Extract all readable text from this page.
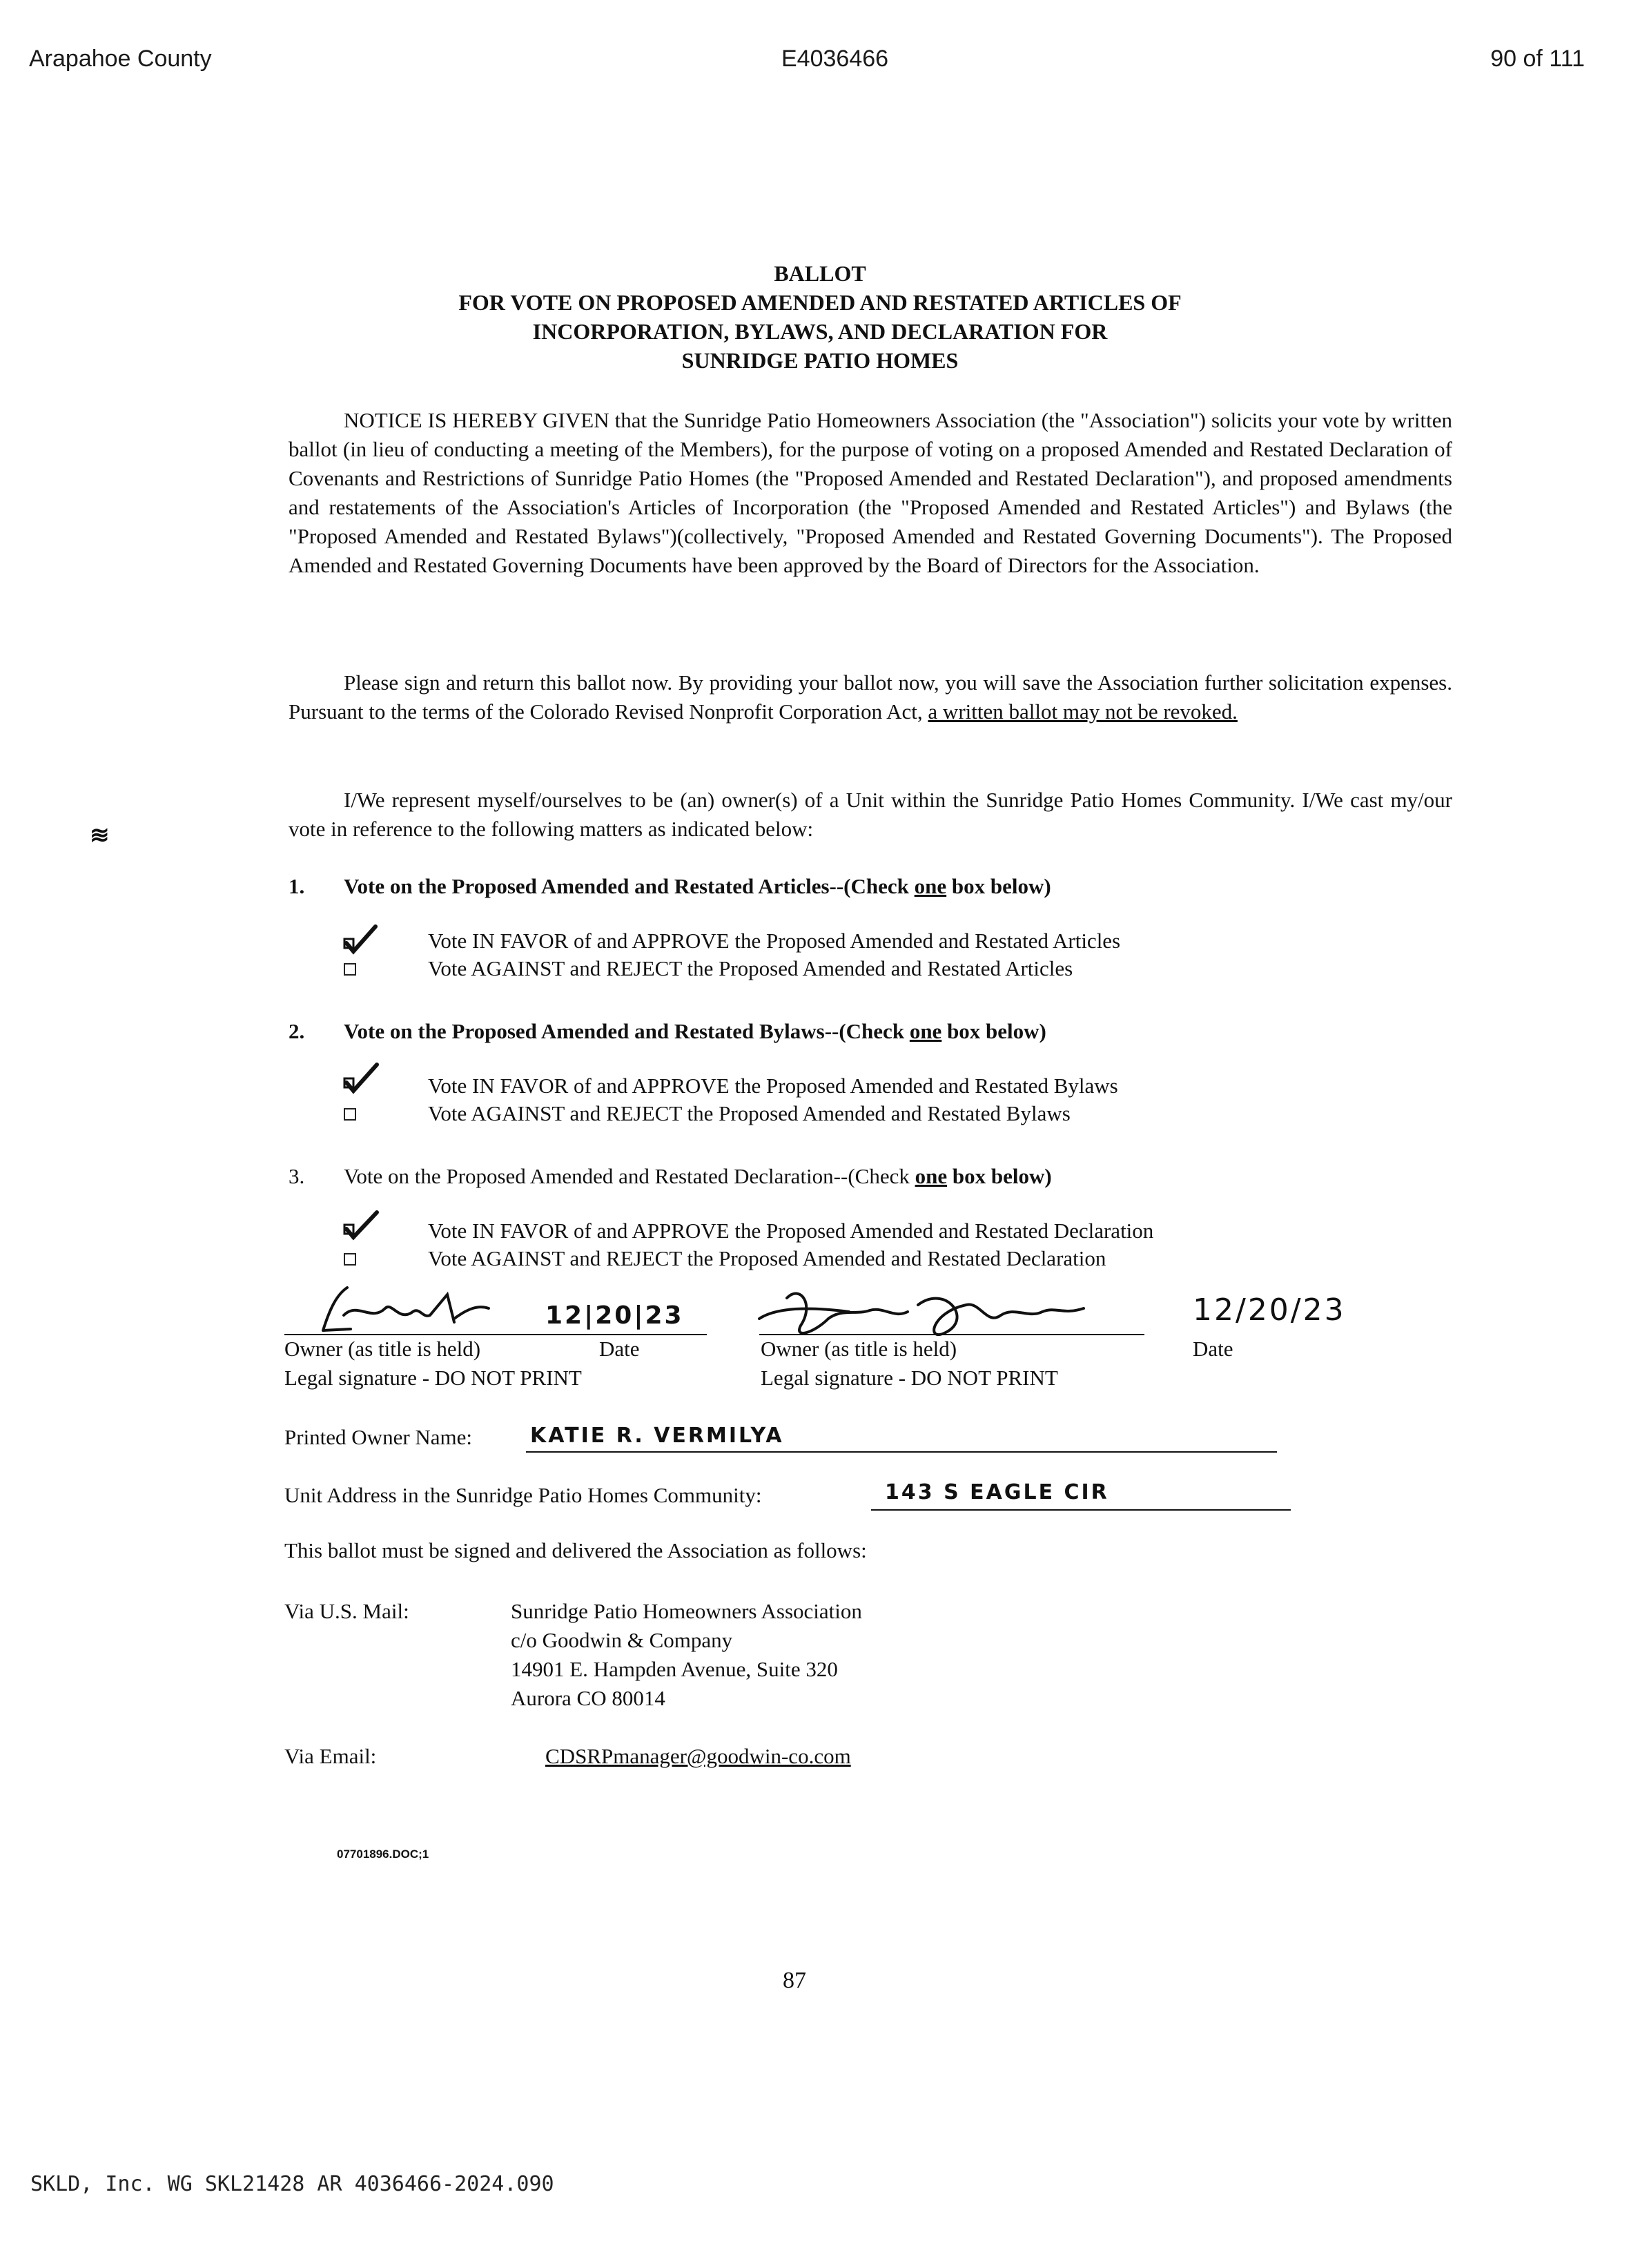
Arapahoe County	E4036466	90 of 111
BALLOT
FOR VOTE ON PROPOSED AMENDED AND RESTATED ARTICLES OF
INCORPORATION, BYLAWS, AND DECLARATION FOR
SUNRIDGE PATIO HOMES
NOTICE IS HEREBY GIVEN that the Sunridge Patio Homeowners Association (the "Association") solicits your vote by written ballot (in lieu of conducting a meeting of the Members), for the purpose of voting on a proposed Amended and Restated Declaration of Covenants and Restrictions of Sunridge Patio Homes (the "Proposed Amended and Restated Declaration"), and proposed amendments and restatements of the Association's Articles of Incorporation (the "Proposed Amended and Restated Articles") and Bylaws (the "Proposed Amended and Restated Bylaws")(collectively, "Proposed Amended and Restated Governing Documents"). The Proposed Amended and Restated Governing Documents have been approved by the Board of Directors for the Association.
Please sign and return this ballot now. By providing your ballot now, you will save the Association further solicitation expenses. Pursuant to the terms of the Colorado Revised Nonprofit Corporation Act, a written ballot may not be revoked.
I/We represent myself/ourselves to be (an) owner(s) of a Unit within the Sunridge Patio Homes Community. I/We cast my/our vote in reference to the following matters as indicated below:
≋
1. Vote on the Proposed Amended and Restated Articles--(Check one box below)
Vote IN FAVOR of and APPROVE the Proposed Amended and Restated Articles
Vote AGAINST and REJECT the Proposed Amended and Restated Articles
2. Vote on the Proposed Amended and Restated Bylaws--(Check one box below)
Vote IN FAVOR of and APPROVE the Proposed Amended and Restated Bylaws
Vote AGAINST and REJECT the Proposed Amended and Restated Bylaws
3. Vote on the Proposed Amended and Restated Declaration--(Check one box below)
Vote IN FAVOR of and APPROVE the Proposed Amended and Restated Declaration
Vote AGAINST and REJECT the Proposed Amended and Restated Declaration
12|20|23	12/20/23
Owner (as title is held)	Date
Legal signature - DO NOT PRINT
Owner (as title is held)	Date
Legal signature - DO NOT PRINT
Printed Owner Name:	KATIE R. VERMILYA
Unit Address in the Sunridge Patio Homes Community:	143 S EAGLE CIR
This ballot must be signed and delivered the Association as follows:
Via U.S. Mail:	Sunridge Patio Homeowners Association
c/o Goodwin & Company
14901 E. Hampden Avenue, Suite 320
Aurora CO 80014
Via Email:	CDSRPmanager@goodwin-co.com
07701896.DOC;1
87
SKLD, Inc. WG SKL21428 AR 4036466-2024.090
